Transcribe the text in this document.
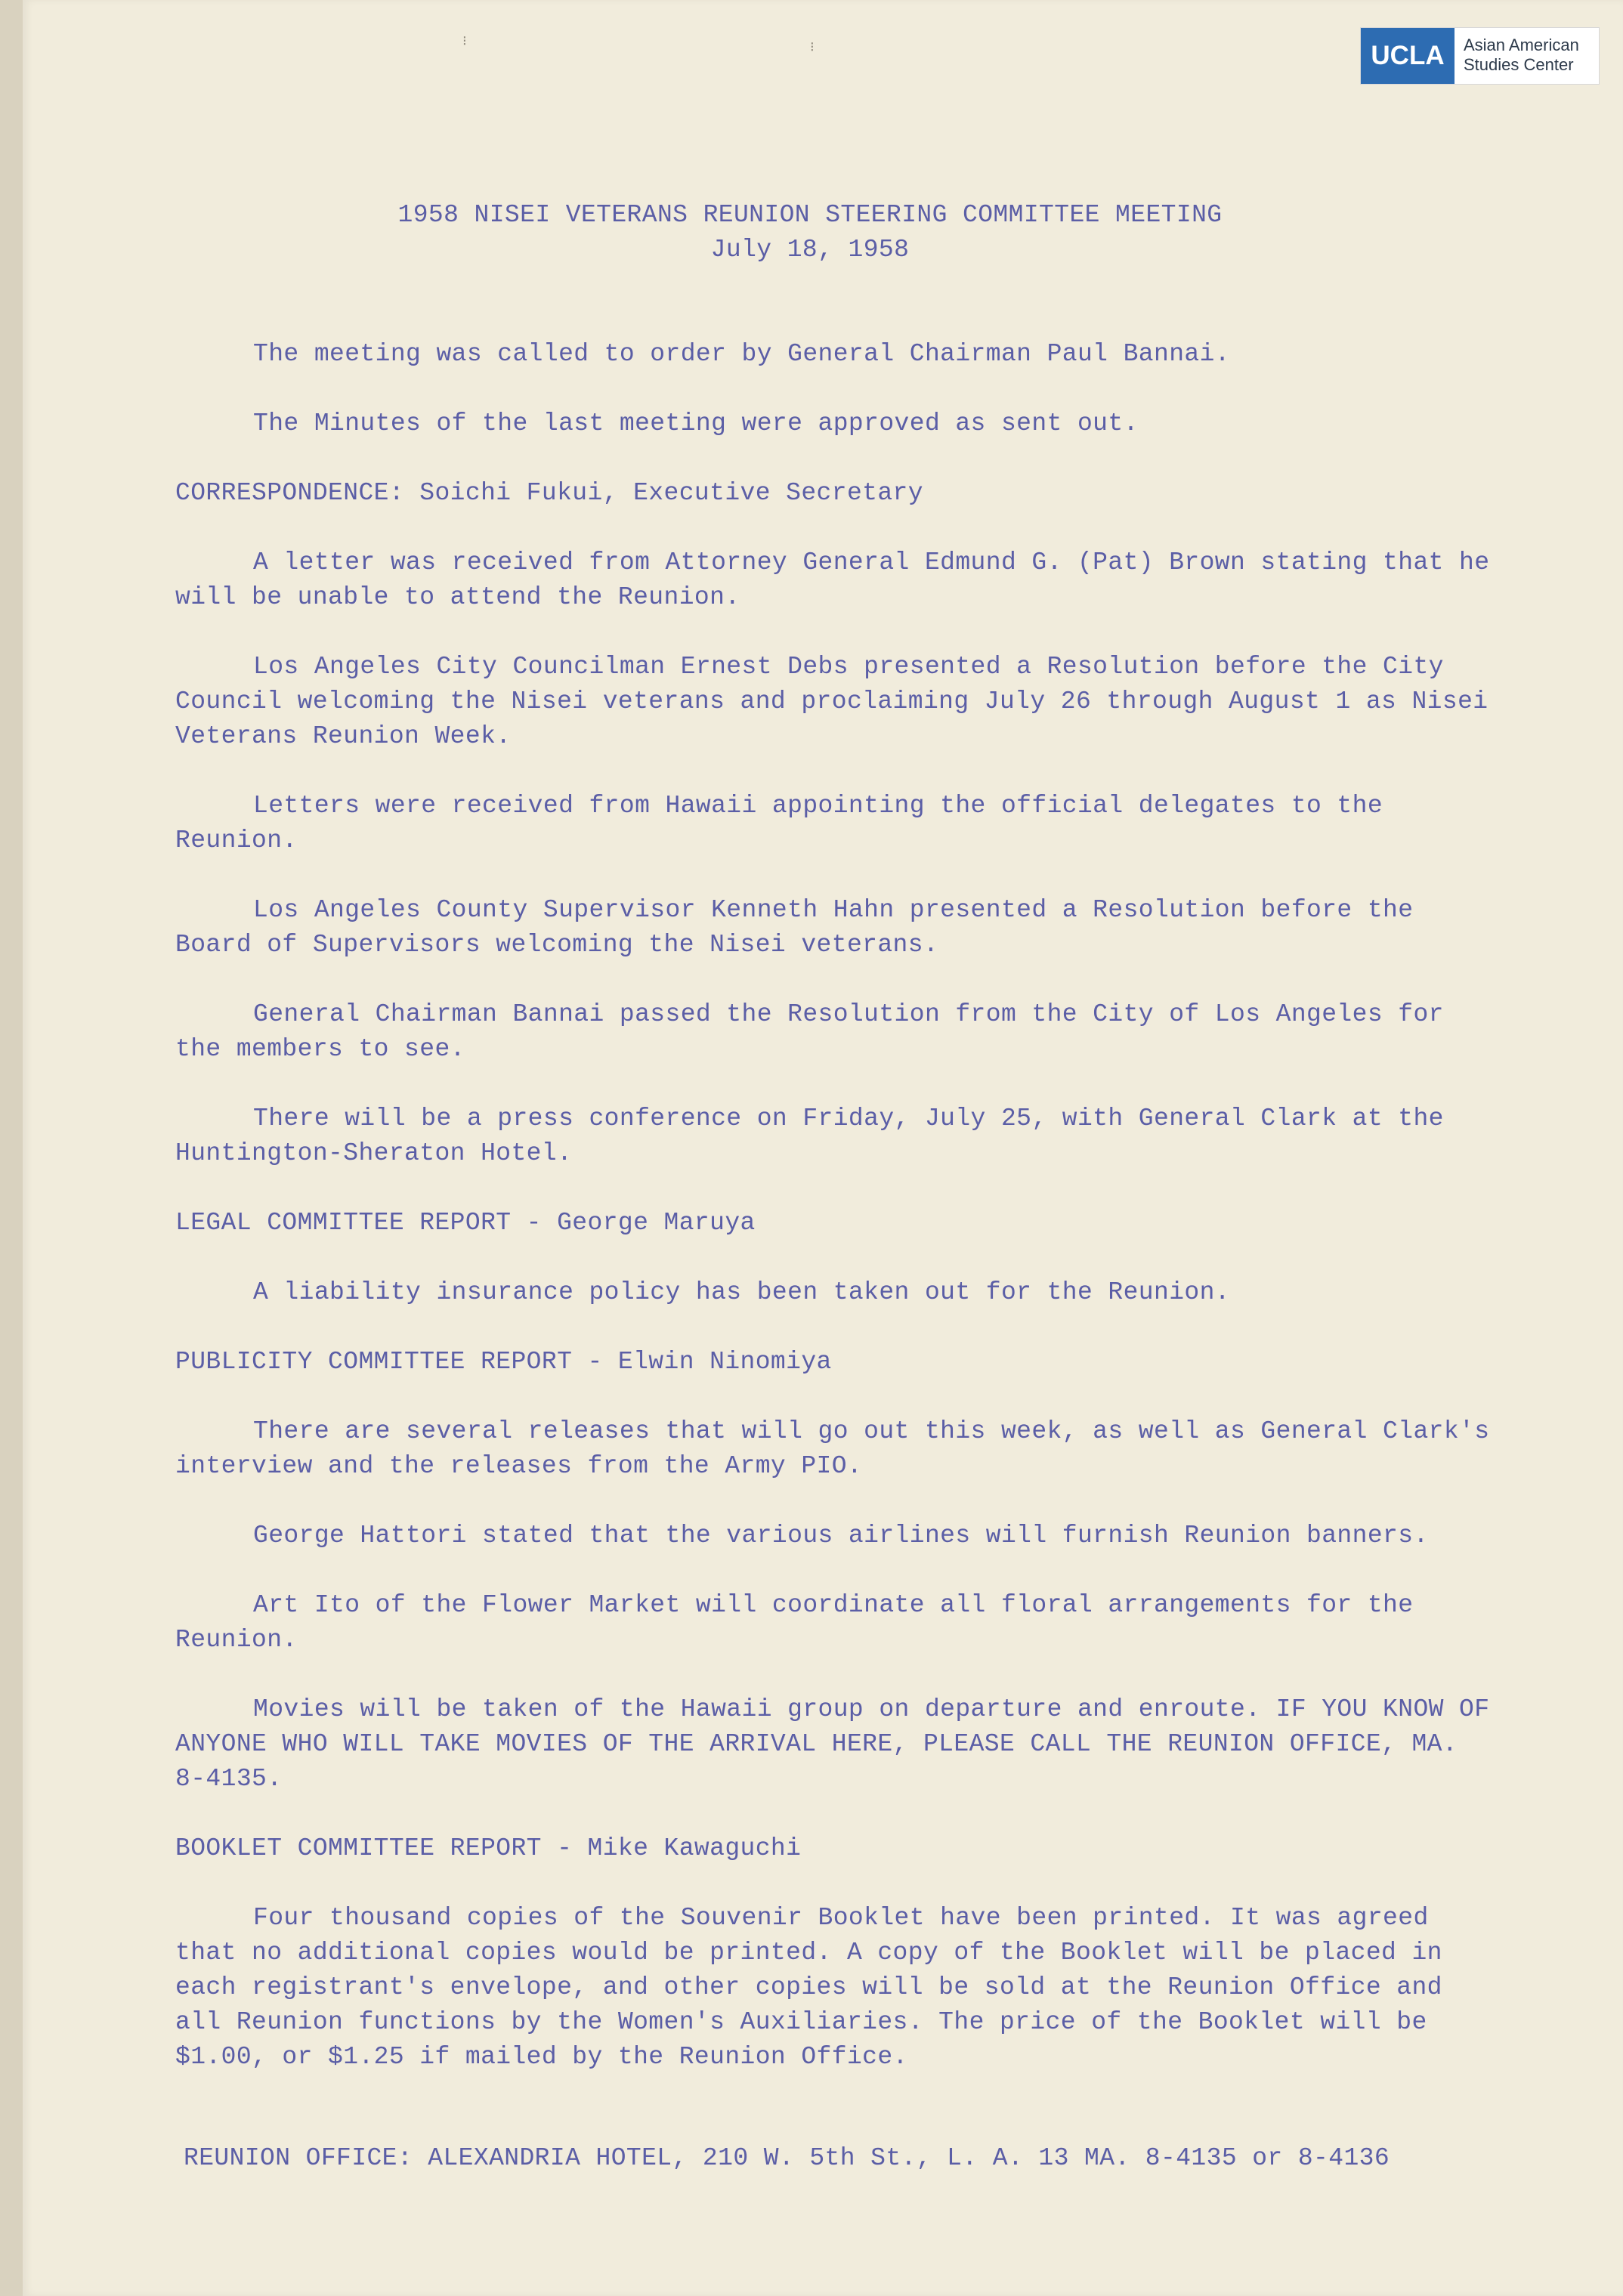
⁝	⁝	UCLA	Asian American
Studies Center
1958 NISEI VETERANS REUNION STEERING COMMITTEE MEETING
July 18, 1958
The meeting was called to order by General Chairman Paul Bannai.
The Minutes of the last meeting were approved as sent out.
CORRESPONDENCE: Soichi Fukui, Executive Secretary
A letter was received from Attorney General Edmund G. (Pat) Brown stating that he will be unable to attend the Reunion.
Los Angeles City Councilman Ernest Debs presented a Resolution before the City Council welcoming the Nisei veterans and proclaiming July 26 through August 1 as Nisei Veterans Reunion Week.
Letters were received from Hawaii appointing the official delegates to the Reunion.
Los Angeles County Supervisor Kenneth Hahn presented a Resolution before the Board of Supervisors welcoming the Nisei veterans.
General Chairman Bannai passed the Resolution from the City of Los Angeles for the members to see.
There will be a press conference on Friday, July 25, with General Clark at the Huntington-Sheraton Hotel.
LEGAL COMMITTEE REPORT - George Maruya
A liability insurance policy has been taken out for the Reunion.
PUBLICITY COMMITTEE REPORT - Elwin Ninomiya
There are several releases that will go out this week, as well as General Clark's interview and the releases from the Army PIO.
George Hattori stated that the various airlines will furnish Reunion banners.
Art Ito of the Flower Market will coordinate all floral arrangements for the Reunion.
Movies will be taken of the Hawaii group on departure and enroute. IF YOU KNOW OF ANYONE WHO WILL TAKE MOVIES OF THE ARRIVAL HERE, PLEASE CALL THE REUNION OFFICE, MA. 8-4135.
BOOKLET COMMITTEE REPORT - Mike Kawaguchi
Four thousand copies of the Souvenir Booklet have been printed. It was agreed that no additional copies would be printed. A copy of the Booklet will be placed in each registrant's envelope, and other copies will be sold at the Reunion Office and all Reunion functions by the Women's Auxiliaries. The price of the Booklet will be $1.00, or $1.25 if mailed by the Reunion Office.
REUNION OFFICE: ALEXANDRIA HOTEL, 210 W. 5th St., L. A. 13 MA. 8-4135 or 8-4136
